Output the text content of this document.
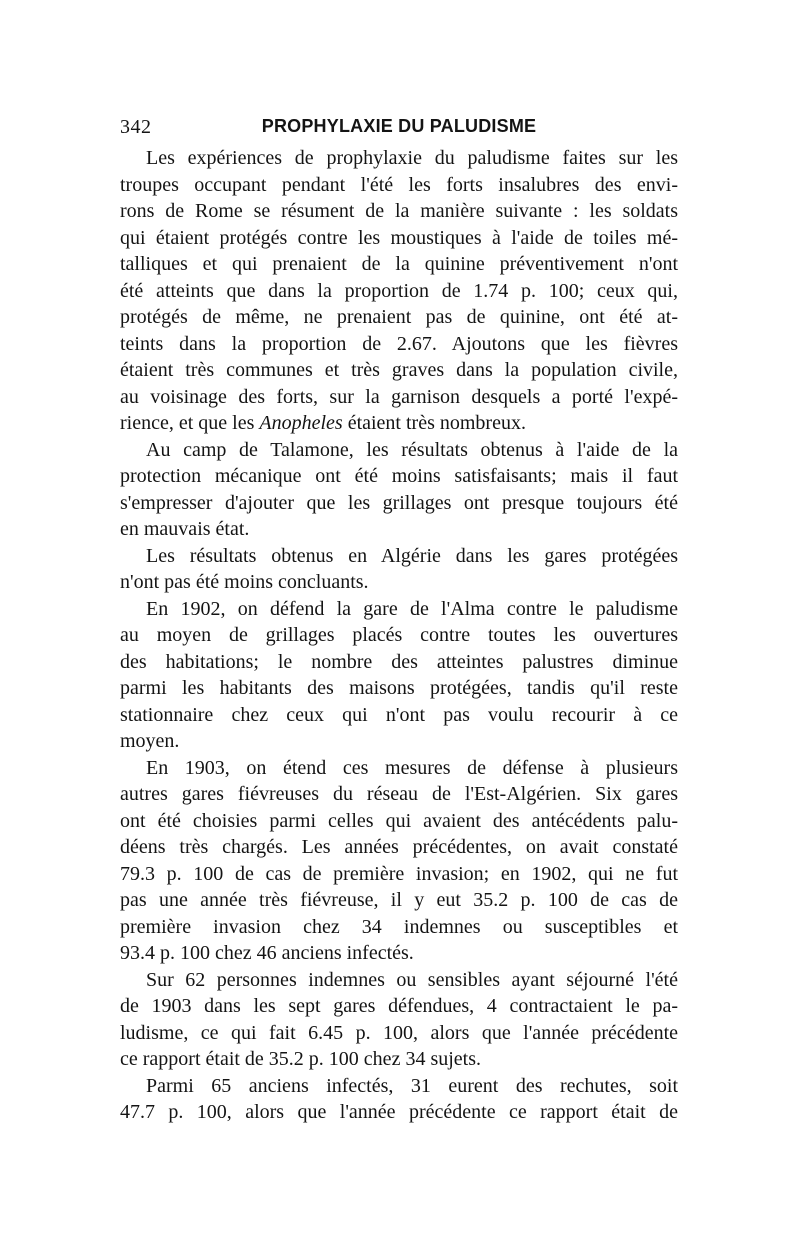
342	PROPHYLAXIE DU PALUDISME
Les expériences de prophylaxie du paludisme faites sur les
troupes occupant pendant l'été les forts insalubres des envi-
rons de Rome se résument de la manière suivante : les soldats
qui étaient protégés contre les moustiques à l'aide de toiles mé-
talliques et qui prenaient de la quinine préventivement n'ont
été atteints que dans la proportion de 1.74 p. 100; ceux qui,
protégés de même, ne prenaient pas de quinine, ont été at-
teints dans la proportion de 2.67. Ajoutons que les fièvres
étaient très communes et très graves dans la population civile,
au voisinage des forts, sur la garnison desquels a porté l'expé-
rience, et que les Anopheles étaient très nombreux.
Au camp de Talamone, les résultats obtenus à l'aide de la
protection mécanique ont été moins satisfaisants; mais il faut
s'empresser d'ajouter que les grillages ont presque toujours été
en mauvais état.
Les résultats obtenus en Algérie dans les gares protégées
n'ont pas été moins concluants.
En 1902, on défend la gare de l'Alma contre le paludisme
au moyen de grillages placés contre toutes les ouvertures
des habitations; le nombre des atteintes palustres diminue
parmi les habitants des maisons protégées, tandis qu'il reste
stationnaire chez ceux qui n'ont pas voulu recourir à ce
moyen.
En 1903, on étend ces mesures de défense à plusieurs
autres gares fiévreuses du réseau de l'Est-Algérien. Six gares
ont été choisies parmi celles qui avaient des antécédents palu-
déens très chargés. Les années précédentes, on avait constaté
79.3 p. 100 de cas de première invasion; en 1902, qui ne fut
pas une année très fiévreuse, il y eut 35.2 p. 100 de cas de
première invasion chez 34 indemnes ou susceptibles et
93.4 p. 100 chez 46 anciens infectés.
Sur 62 personnes indemnes ou sensibles ayant séjourné l'été
de 1903 dans les sept gares défendues, 4 contractaient le pa-
ludisme, ce qui fait 6.45 p. 100, alors que l'année précédente
ce rapport était de 35.2 p. 100 chez 34 sujets.
Parmi 65 anciens infectés, 31 eurent des rechutes, soit
47.7 p. 100, alors que l'année précédente ce rapport était de
